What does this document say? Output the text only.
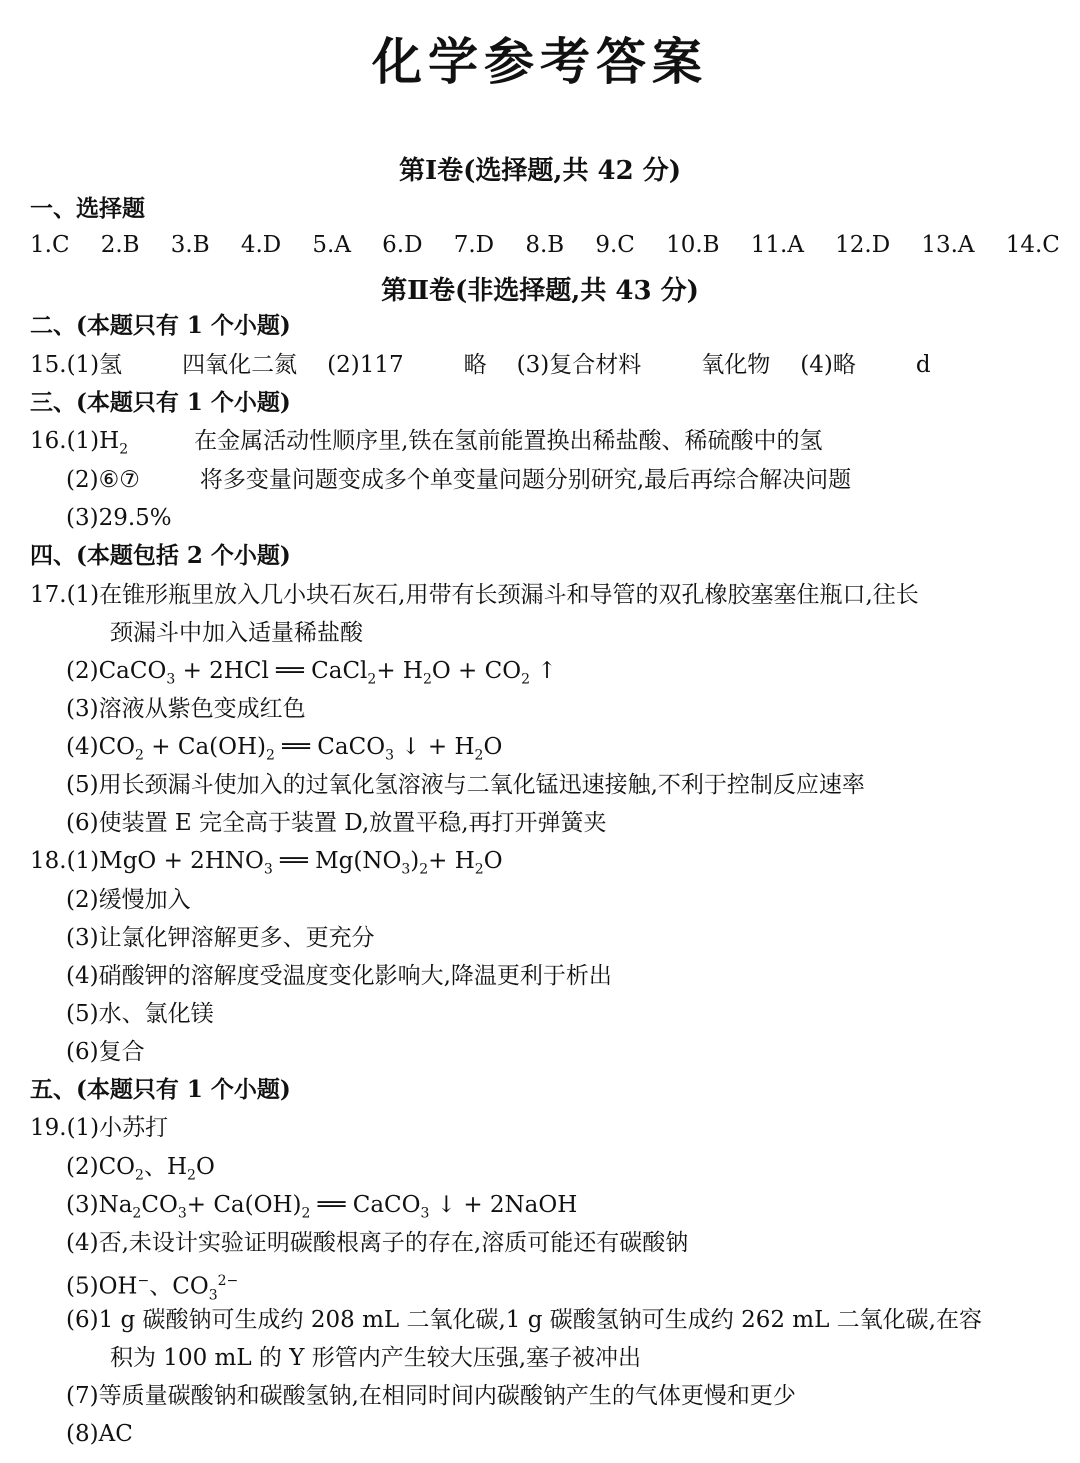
化学参考答案
第Ⅰ卷(选择题,共 42 分)
一、选择题
1.C 2.B 3.B 4.D 5.A 6.D 7.D 8.B 9.C 10.B 11.A 12.D 13.A 14.C
第Ⅱ卷(非选择题,共 43 分)
二、(本题只有 1 个小题)
15.(1)氢	四氧化二氮 (2)117	略 (3)复合材料	氧化物 (4)略	d
三、(本题只有 1 个小题)
$16.(1)H_2$	在金属活动性顺序里,铁在氢前能置换出稀盐酸、稀硫酸中的氢
(2)⑥⑦	将多变量问题变成多个单变量问题分别研究,最后再综合解决问题
(3)29.5%
四、(本题包括 2 个小题)
17.(1)在锥形瓶里放入几小块石灰石,用带有长颈漏斗和导管的双孔橡胶塞塞住瓶口,往长
颈漏斗中加入适量稀盐酸
(2)CaCO$_3$ + 2HCl ══ CaCl$_2$+ $H_2O + CO_2$ ↑
(3)溶液从紫色变成红色
$(4)CO_2 + Ca(OH)_2$ ══ CaCO$_3$ ↓ + $H_2O$
(5)用长颈漏斗使加入的过氧化氢溶液与二氧化锰迅速接触,不利于控制反应速率
(6)使装置 E 完全高于装置 D,放置平稳,再打开弹簧夹
$18.(1)MgO + 2HNO_3$ ══ $Mg(NO_3)_2+ H_2O$
(2)缓慢加入
(3)让氯化钾溶解更多、更充分
(4)硝酸钾的溶解度受温度变化影响大,降温更利于析出
(5)水、氯化镁
(6)复合
五、(本题只有 1 个小题)
19.(1)小苏打
$(2)CO_2$、$H_2O$
$(3)Na_2CO_3+ Ca(OH)_2$ ══ CaCO$_3$ ↓ + 2NaOH
(4)否,未设计实验证明碳酸根离子的存在,溶质可能还有碳酸钠
(5)OH−、$CO_3^{2-}$
(6)1 g 碳酸钠可生成约 208 mL 二氧化碳,1 g 碳酸氢钠可生成约 262 mL 二氧化碳,在容
积为 100 mL 的 Y 形管内产生较大压强,塞子被冲出
(7)等质量碳酸钠和碳酸氢钠,在相同时间内碳酸钠产生的气体更慢和更少
(8)AC
